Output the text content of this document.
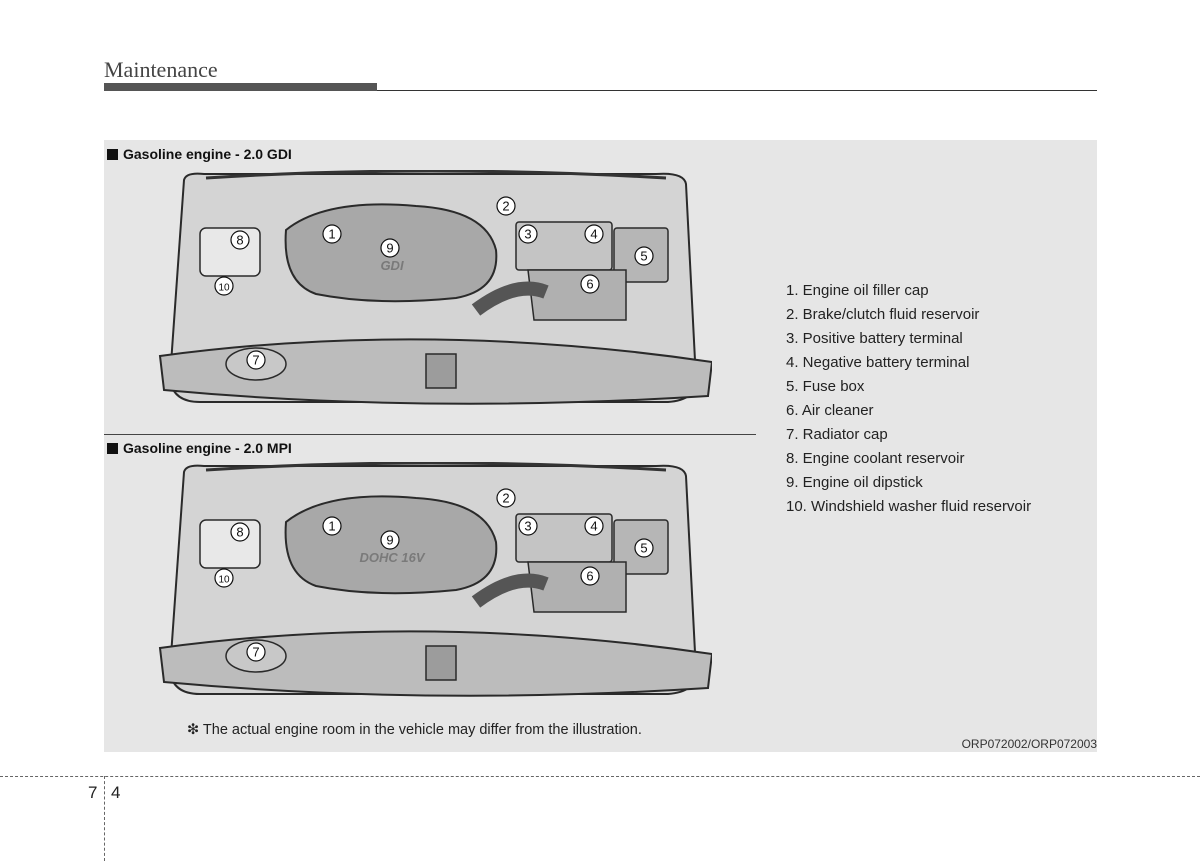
Maintenance
Gasoline engine - 2.0 GDI
GDI
1
2
3	4
5
6
7
8
9
10
Gasoline engine - 2.0 MPI
DOHC 16V
1
2
3	4
5
6
7
8
9
10
1. Engine oil filler cap
2. Brake/clutch fluid reservoir
3. Positive battery terminal
4. Negative battery terminal
5. Fuse box
6. Air cleaner
7. Radiator cap
8. Engine coolant reservoir
9. Engine oil dipstick
10. Windshield washer fluid reservoir
❇ The actual engine room in the vehicle may differ from the illustration.
ORP072002/ORP072003
7 4
